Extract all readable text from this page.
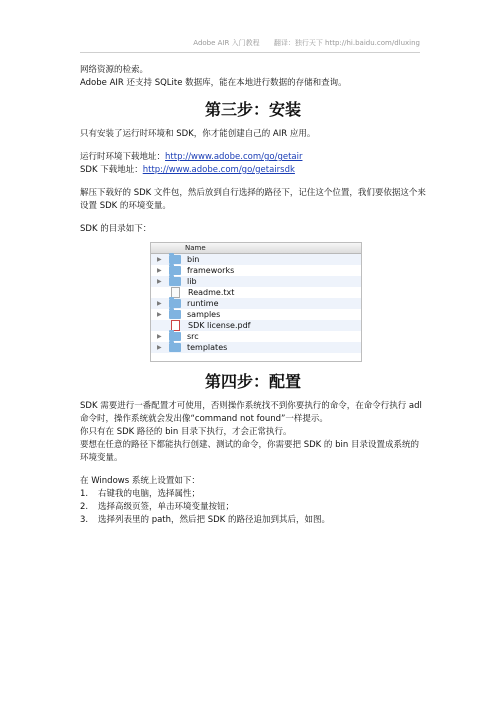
Adobe AIR 入门教程 翻译：独行天下 http://hi.baidu.com/dluxing

网络资源的检索。

Adobe AIR 还支持 SQLite 数据库，能在本地进行数据的存储和查询。

第三步：安装

只有安装了运行时环境和 SDK，你才能创建自己的 AIR 应用。

运行时环境下载地址：http://www.adobe.com/go/getair

SDK 下载地址：http://www.adobe.com/go/getairsdk

解压下载好的 SDK 文件包，然后放到自行选择的路径下，记住这个位置，我们要依据这个来设置 SDK 的环境变量。

SDK 的目录如下：

Name
▶	bin
▶	frameworks
▶	lib
Readme.txt
▶	runtime
▶	samples
SDK license.pdf
▶	src
▶	templates
第四步：配置

SDK 需要进行一番配置才可使用，否则操作系统找不到你要执行的命令，在命令行执行 adl 命令时，操作系统就会发出像“command not found”一样提示。

你只有在 SDK 路径的 bin 目录下执行，才会正常执行。

要想在任意的路径下都能执行创建、测试的命令，你需要把 SDK 的 bin 目录设置成系统的环境变量。

在 Windows 系统上设置如下：

1.	右键我的电脑，选择属性；
2.	选择高级页签，单击环境变量按钮；
3.	选择列表里的 path，然后把 SDK 的路径追加到其后，如图。
